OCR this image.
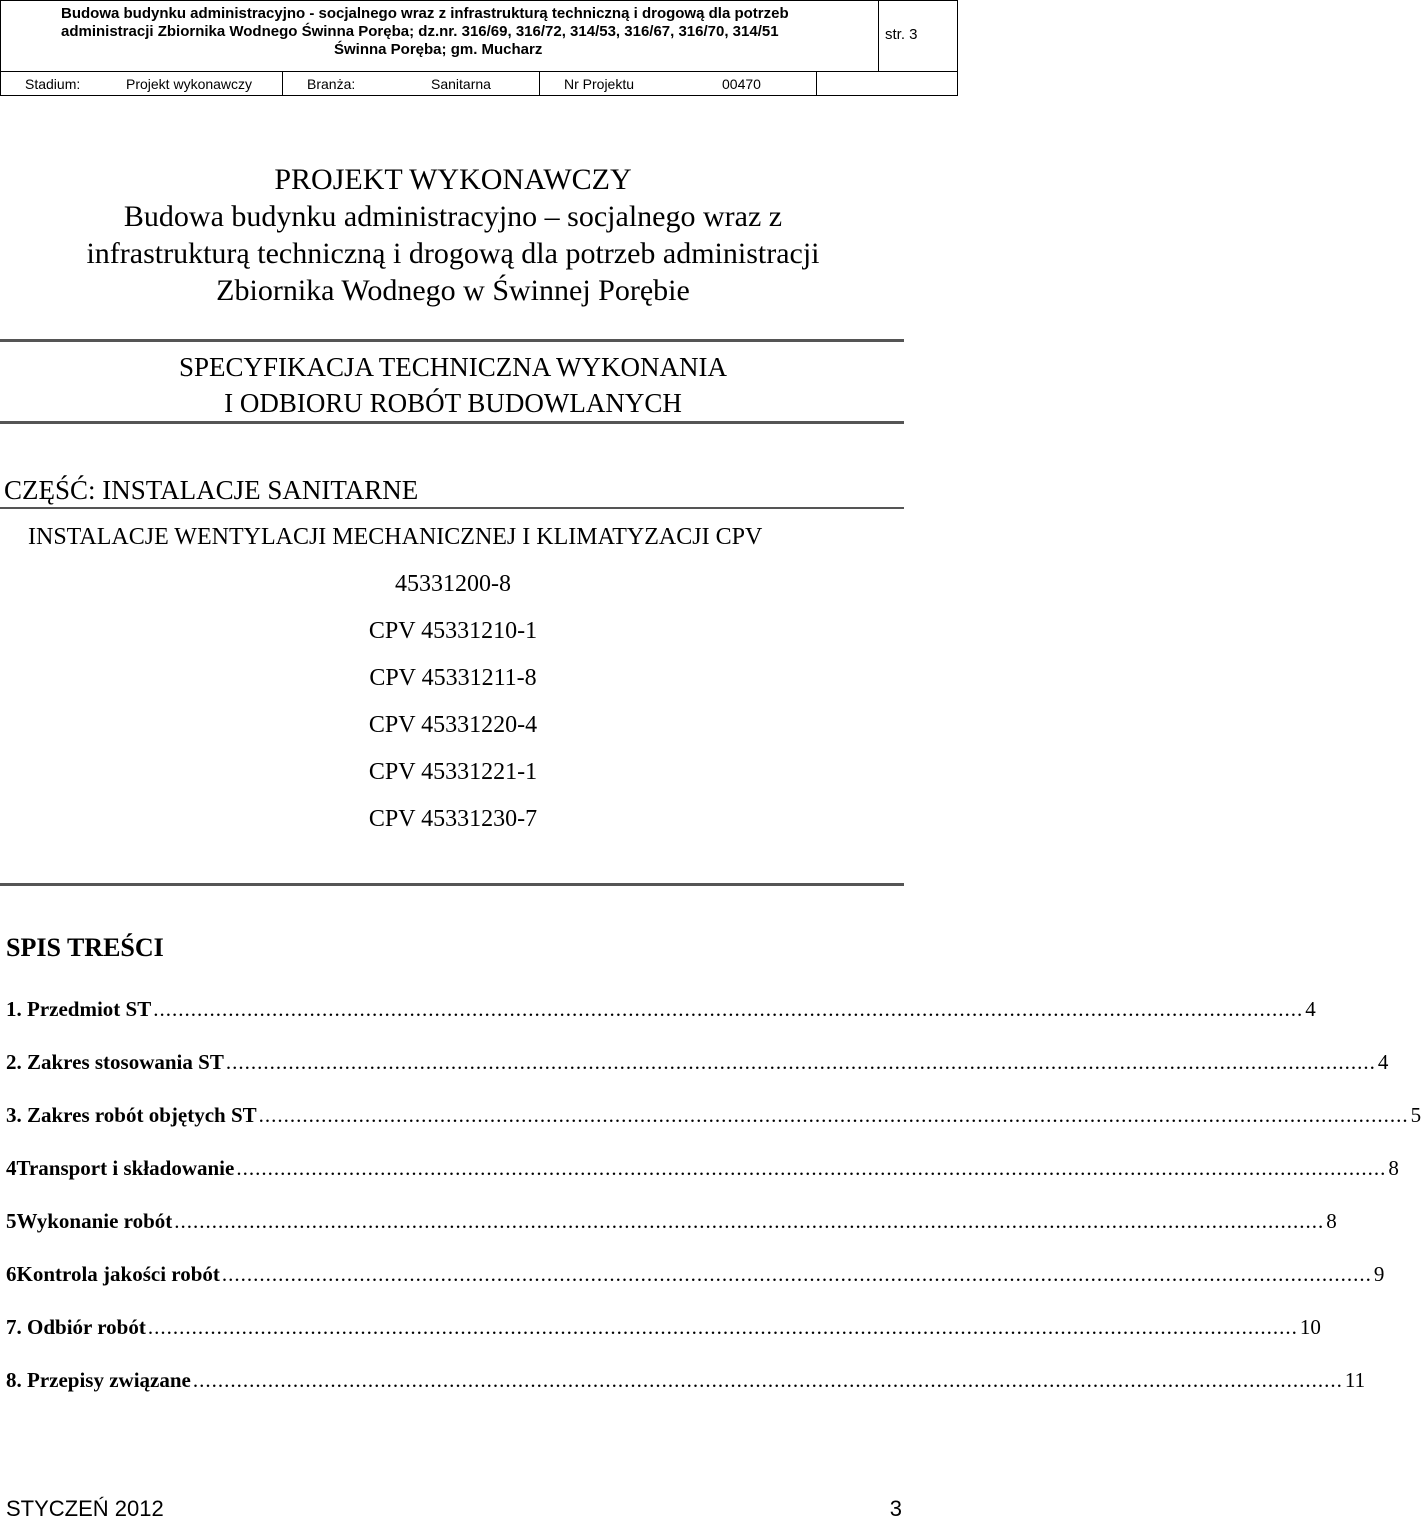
Budowa budynku administracyjno - socjalnego wraz z infrastrukturą techniczną i drogową dla potrzeb
administracji Zbiornika Wodnego Świnna Poręba; dz.nr. 316/69, 316/72, 314/53, 316/67, 316/70, 314/51
Świnna Poręba; gm. Mucharz
str. 3
Stadium:	Projekt wykonawczy	Branża:	Sanitarna	Nr Projektu	00470
PROJEKT WYKONAWCZY
Budowa budynku administracyjno – socjalnego wraz z
infrastrukturą techniczną i drogową dla potrzeb administracji
Zbiornika Wodnego w Świnnej Porębie
SPECYFIKACJA TECHNICZNA WYKONANIA
I ODBIORU ROBÓT BUDOWLANYCH
CZĘŚĆ: INSTALACJE SANITARNE
INSTALACJE WENTYLACJI MECHANICZNEJ I KLIMATYZACJI CPV
45331200-8
CPV 45331210-1
CPV 45331211-8
CPV 45331220-4
CPV 45331221-1
CPV 45331230-7
SPIS TREŚCI
1.
Przedmiot ST ........................................................................................................................................................................................ 4
2.
Zakres stosowania ST ........................................................................................................................................................................................ 4
3.
Zakres robót objętych ST ........................................................................................................................................................................................ 5
4 Transport i składowanie ........................................................................................................................................................................................ 8
5 Wykonanie robót ........................................................................................................................................................................................ 8
6 Kontrola jakości robót ........................................................................................................................................................................................ 9
7.
Odbiór robót ........................................................................................................................................................................................ 10
8.
Przepisy związane ........................................................................................................................................................................................ 11
STYCZEŃ 2012	3
